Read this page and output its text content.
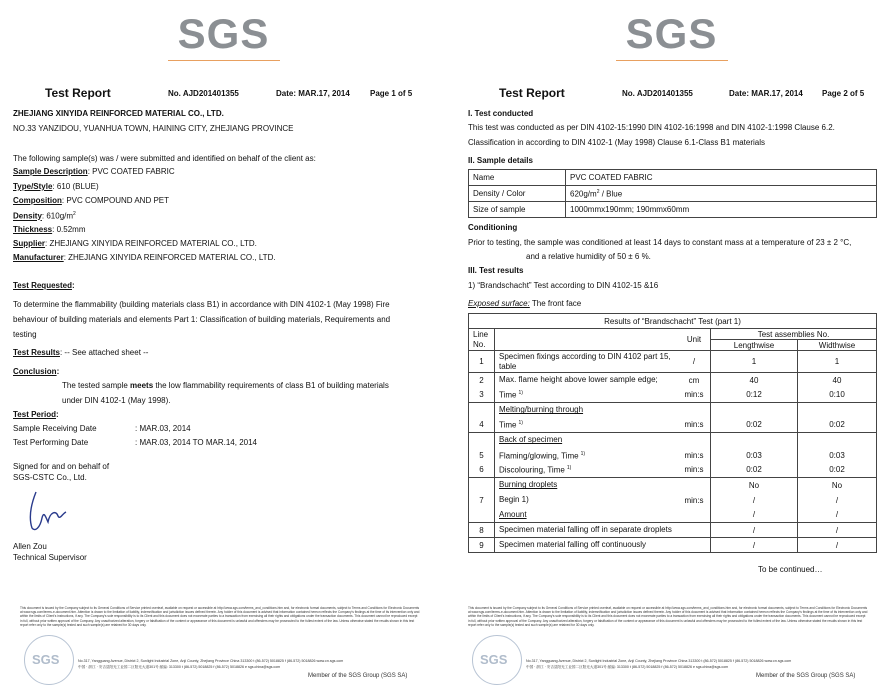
SGS
Test Report	No. AJD201401355	Date: MAR.17, 2014	Page 1 of 5
ZHEJIANG XINYIDA REINFORCED MATERIAL CO., LTD.
NO.33 YANZIDOU, YUANHUA TOWN, HAINING CITY, ZHEJIANG PROVINCE
The following sample(s) was / were submitted and identified on behalf of the client as:
Sample Description: PVC COATED FABRIC
Type/Style: 610 (BLUE)
Composition: PVC COMPOUND AND PET
Density: $610g/m^2$
Thickness: 0.52mm
Supplier: ZHEJIANG XINYIDA REINFORCED MATERIAL CO., LTD.
Manufacturer: ZHEJIANG XINYIDA REINFORCED MATERIAL CO., LTD.
Test Requested:
To determine the flammability (building materials class B1) in accordance with DIN 4102-1 (May 1998) Fire
behaviour of building materials and elements Part 1: Classification of building materials, Requirements and
testing
Test Results: -- See attached sheet --
Conclusion:
The tested sample meets the low flammability requirements of class B1 of building materials
under DIN 4102-1 (May 1998).
Test Period:
Sample Receiving Date	: MAR.03, 2014
Test Performing Date	: MAR.03, 2014 TO MAR.14, 2014
Signed for and on behalf of
SGS-CSTC Co., Ltd.
Allen Zou
Technical Supervisor
This document is issued by the Company subject to its General Conditions of Service printed overleaf, available on request or accessible at http://www.sgs.com/terms_and_conditions.htm and, for electronic format documents, subject to Terms and Conditions for Electronic Documents at www.sgs.com/terms-e-document.htm. Attention is drawn to the limitation of liability, indemnification and jurisdiction issues defined therein. Any holder of this document is advised that information contained hereon reflects the Company's findings at the time of its intervention only and within the limits of Client's instructions, if any. The Company's sole responsibility is to its Client and this document does not exonerate parties to a transaction from exercising all their rights and obligations under the transaction documents. This document cannot be reproduced except in full, without prior written approval of the Company. Any unauthorized alteration, forgery or falsification of the content or appearance of this document is unlawful and offenders may be prosecuted to the fullest extent of the law. Unless otherwise stated the results shown in this test report refer only to the sample(s) tested and such sample(s) are retained for 30 days only.
SGS	No.317, Yangguang Avenue, District 2, Sunlight Industrial Zone, Anji County, Zhejiang Province China 313300 t (86-572) 5018825 f (86-572) 5018826 www.cn.sgs.com
中国 · 浙江 · 安吉县阳光工业园二区阳光大道301号 邮编: 313300 t (86-572) 5018825 f (86-572) 5018826 e sgs.china@sgs.com
Member of the SGS Group (SGS SA)
SGS
Test Report	No. AJD201401355	Date: MAR.17, 2014 Page 2 of 5
I. Test conducted
This test was conducted as per DIN 4102-15:1990 DIN 4102-16:1998 and DIN 4102-1:1998 Clause 6.2.
Classification in according to DIN 4102-1 (May 1998) Clause 6.1-Class B1 materials
II. Sample details
Name	PVC COATED FABRIC
Density / Color	$620g/m^2$ / Blue
Size of sample	1000mmx190mm; 190mmx60mm
Conditioning
Prior to testing, the sample was conditioned at least 14 days to constant mass at a temperature of 23 ± 2 °C,
and a relative humidity of 50 ± 6 %.
III. Test results
1) “Brandschacht” Test according to DIN 4102-15 &16
Exposed surface: The front face
Results of “Brandschacht” Test (part 1)				
Line
No.		Unit	Test assemblies No.	
			Lengthwise	Widthwise
1	Specimen fixings according to DIN 4102 part 15,
table	/	1	1
2	Max. flame height above lower sample edge;	cm	40	40
3	Time $^{1)}$	min:s	0:12	0:10
	Melting/burning through			
4	Time $^{1)}$	min:s	0:02	0:02
	Back of specimen			
5	Flaming/glowing, Time $^{1)}$	min:s	0:03	0:03
6	Discolouring, Time $^{1)}$	min:s	0:02	0:02
	Burning droplets		No	No
7	Begin 1)	min:s	/	/
	Amount		/	/
8	Specimen material falling off in separate droplets		/	/
9	Specimen material falling off continuously		/	/
To be continued…
This document is issued by the Company subject to its General Conditions of Service printed overleaf, available on request or accessible at http://www.sgs.com/terms_and_conditions.htm and, for electronic format documents, subject to Terms and Conditions for Electronic Documents at www.sgs.com/terms-e-document.htm. Attention is drawn to the limitation of liability, indemnification and jurisdiction issues defined therein. Any holder of this document is advised that information contained hereon reflects the Company's findings at the time of its intervention only and within the limits of Client's instructions, if any. The Company's sole responsibility is to its Client and this document does not exonerate parties to a transaction from exercising all their rights and obligations under the transaction documents. This document cannot be reproduced except in full, without prior written approval of the Company. Any unauthorized alteration, forgery or falsification of the content or appearance of this document is unlawful and offenders may be prosecuted to the fullest extent of the law. Unless otherwise stated the results shown in this test report refer only to the sample(s) tested and such sample(s) are retained for 30 days only.
SGS	No.317, Yangguang Avenue, District 2, Sunlight Industrial Zone, Anji County, Zhejiang Province China 313300 t (86-572) 5018825 f (86-572) 5018826 www.cn.sgs.com
中国 · 浙江 · 安吉县阳光工业园二区阳光大道301号 邮编: 313300 t (86-572) 5018825 f (86-572) 5018826 e sgs.china@sgs.com
Member of the SGS Group (SGS SA)
